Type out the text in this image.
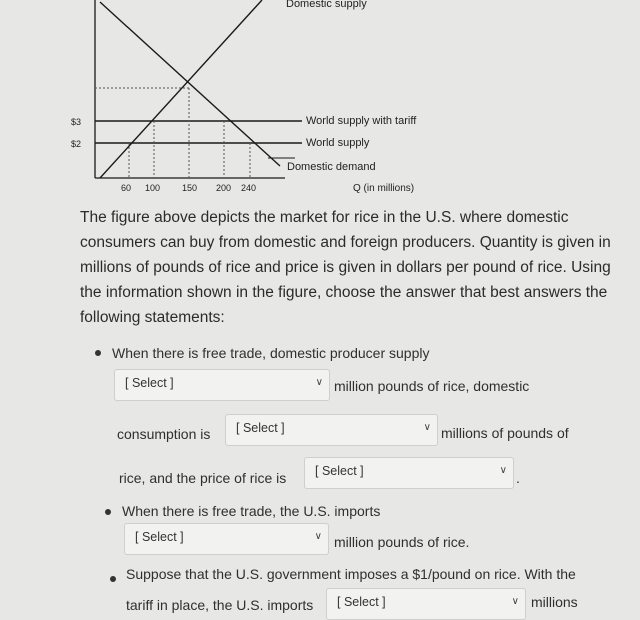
Domestic supply
World supply with tariff
World supply
Domestic demand
$3
$2
60 100 150 200 240	Q (in millions)
The figure above depicts the market for rice in the U.S. where domestic consumers can buy from domestic and foreign producers. Quantity is given in millions of pounds of rice and price is given in dollars per pound of rice. Using the information shown in the figure, choose the answer that best answers the following statements:
When there is free trade, domestic producer supply
[ Select ]	∨ million pounds of rice, domestic
consumption is	[ Select ]	∨ millions of pounds of
rice, and the price of rice is	[ Select ]	∨ .
When there is free trade, the U.S. imports
[ Select ]	∨ million pounds of rice.
Suppose that the U.S. government imposes a $1/pound on rice. With the
tariff in place, the U.S. imports	[ Select ]	∨ millions
